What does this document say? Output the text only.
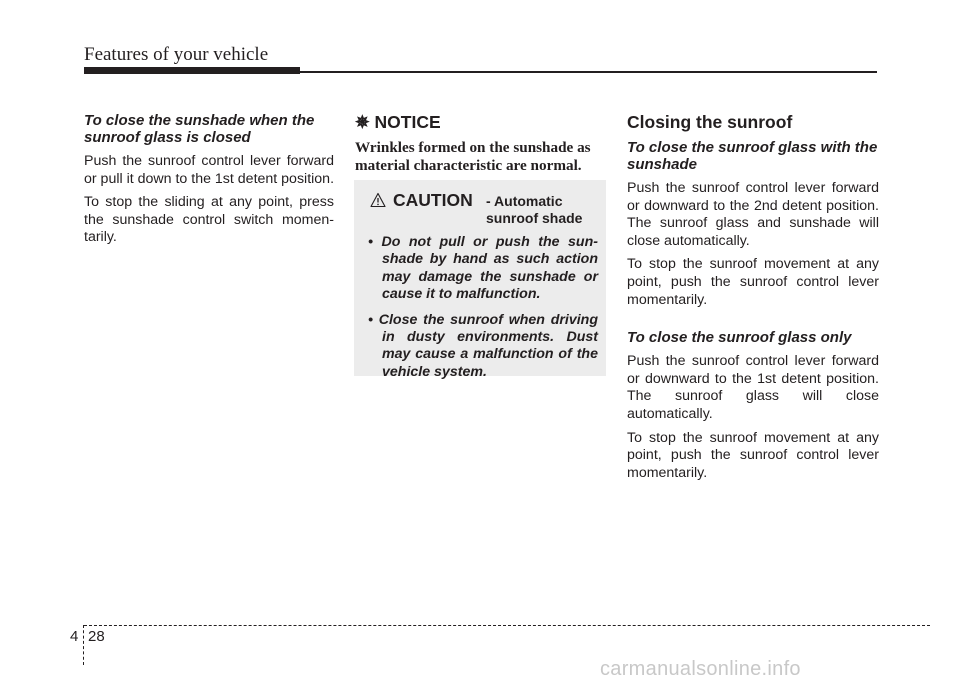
Features of your vehicle
To close the sunshade when the sunroof glass is closed

Push the sunroof control lever forward or pull it down to the 1st detent position.

To stop the sliding at any point, press the sunshade control switch momentarily.

✵ NOTICE

Wrinkles formed on the sunshade as material characteristic are normal.

CAUTION - Automatic sunroof shade
• Do not pull or push the sunshade by hand as such action may damage the sunshade or cause it to malfunction.
• Close the sunroof when driving in dusty environments. Dust may cause a malfunction of the vehicle system.
Closing the sunroof
To close the sunroof glass with the sunshade

Push the sunroof control lever forward or downward to the 2nd detent position. The sunroof glass and sunshade will close automatically.

To stop the sunroof movement at any point, push the sunroof control lever momentarily.

To close the sunroof glass only

Push the sunroof control lever forward or downward to the 1st detent position. The sunroof glass will close automatically.

To stop the sunroof movement at any point, push the sunroof control lever momentarily.

4 28
carmanualsonline.info
